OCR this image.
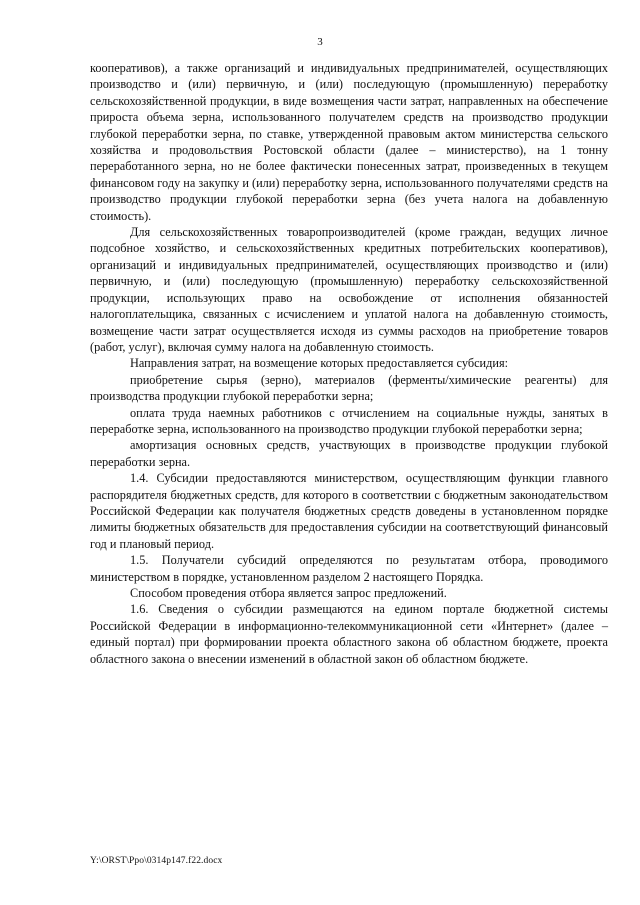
3

кооперативов), а также организаций и индивидуальных предпринимателей, осуществляющих производство и (или) первичную, и (или) последующую (промышленную) переработку сельскохозяйственной продукции, в виде возмещения части затрат, направленных на обеспечение прироста объема зерна, использованного получателем средств на производство продукции глубокой переработки зерна, по ставке, утвержденной правовым актом министерства сельского хозяйства и продовольствия Ростовской области (далее – министерство), на 1 тонну переработанного зерна, но не более фактически понесенных затрат, произведенных в текущем финансовом году на закупку и (или) переработку зерна, использованного получателями средств на производство продукции глубокой переработки зерна (без учета налога на добавленную стоимость).

Для сельскохозяйственных товаропроизводителей (кроме граждан, ведущих личное подсобное хозяйство, и сельскохозяйственных кредитных потребительских кооперативов), организаций и индивидуальных предпринимателей, осуществляющих производство и (или) первичную, и (или) последующую (промышленную) переработку сельскохозяйственной продукции, использующих право на освобождение от исполнения обязанностей налогоплательщика, связанных с исчислением и уплатой налога на добавленную стоимость, возмещение части затрат осуществляется исходя из суммы расходов на приобретение товаров (работ, услуг), включая сумму налога на добавленную стоимость.

Направления затрат, на возмещение которых предоставляется субсидия:

приобретение сырья (зерно), материалов (ферменты/химические реагенты) для производства продукции глубокой переработки зерна;

оплата труда наемных работников с отчислением на социальные нужды, занятых в переработке зерна, использованного на производство продукции глубокой переработки зерна;

амортизация основных средств, участвующих в производстве продукции глубокой переработки зерна.

1.4. Субсидии предоставляются министерством, осуществляющим функции главного распорядителя бюджетных средств, для которого в соответствии с бюджетным законодательством Российской Федерации как получателя бюджетных средств доведены в установленном порядке лимиты бюджетных обязательств для предоставления субсидии на соответствующий финансовый год и плановый период.

1.5. Получатели субсидий определяются по результатам отбора, проводимого министерством в порядке, установленном разделом 2 настоящего Порядка.

Способом проведения отбора является запрос предложений.

1.6. Сведения о субсидии размещаются на едином портале бюджетной системы Российской Федерации в информационно-телекоммуникационной сети «Интернет» (далее – единый портал) при формировании проекта областного закона об областном бюджете, проекта областного закона о внесении изменений в областной закон об областном бюджете.

Y:\ORST\Ppo\0314p147.f22.docx
